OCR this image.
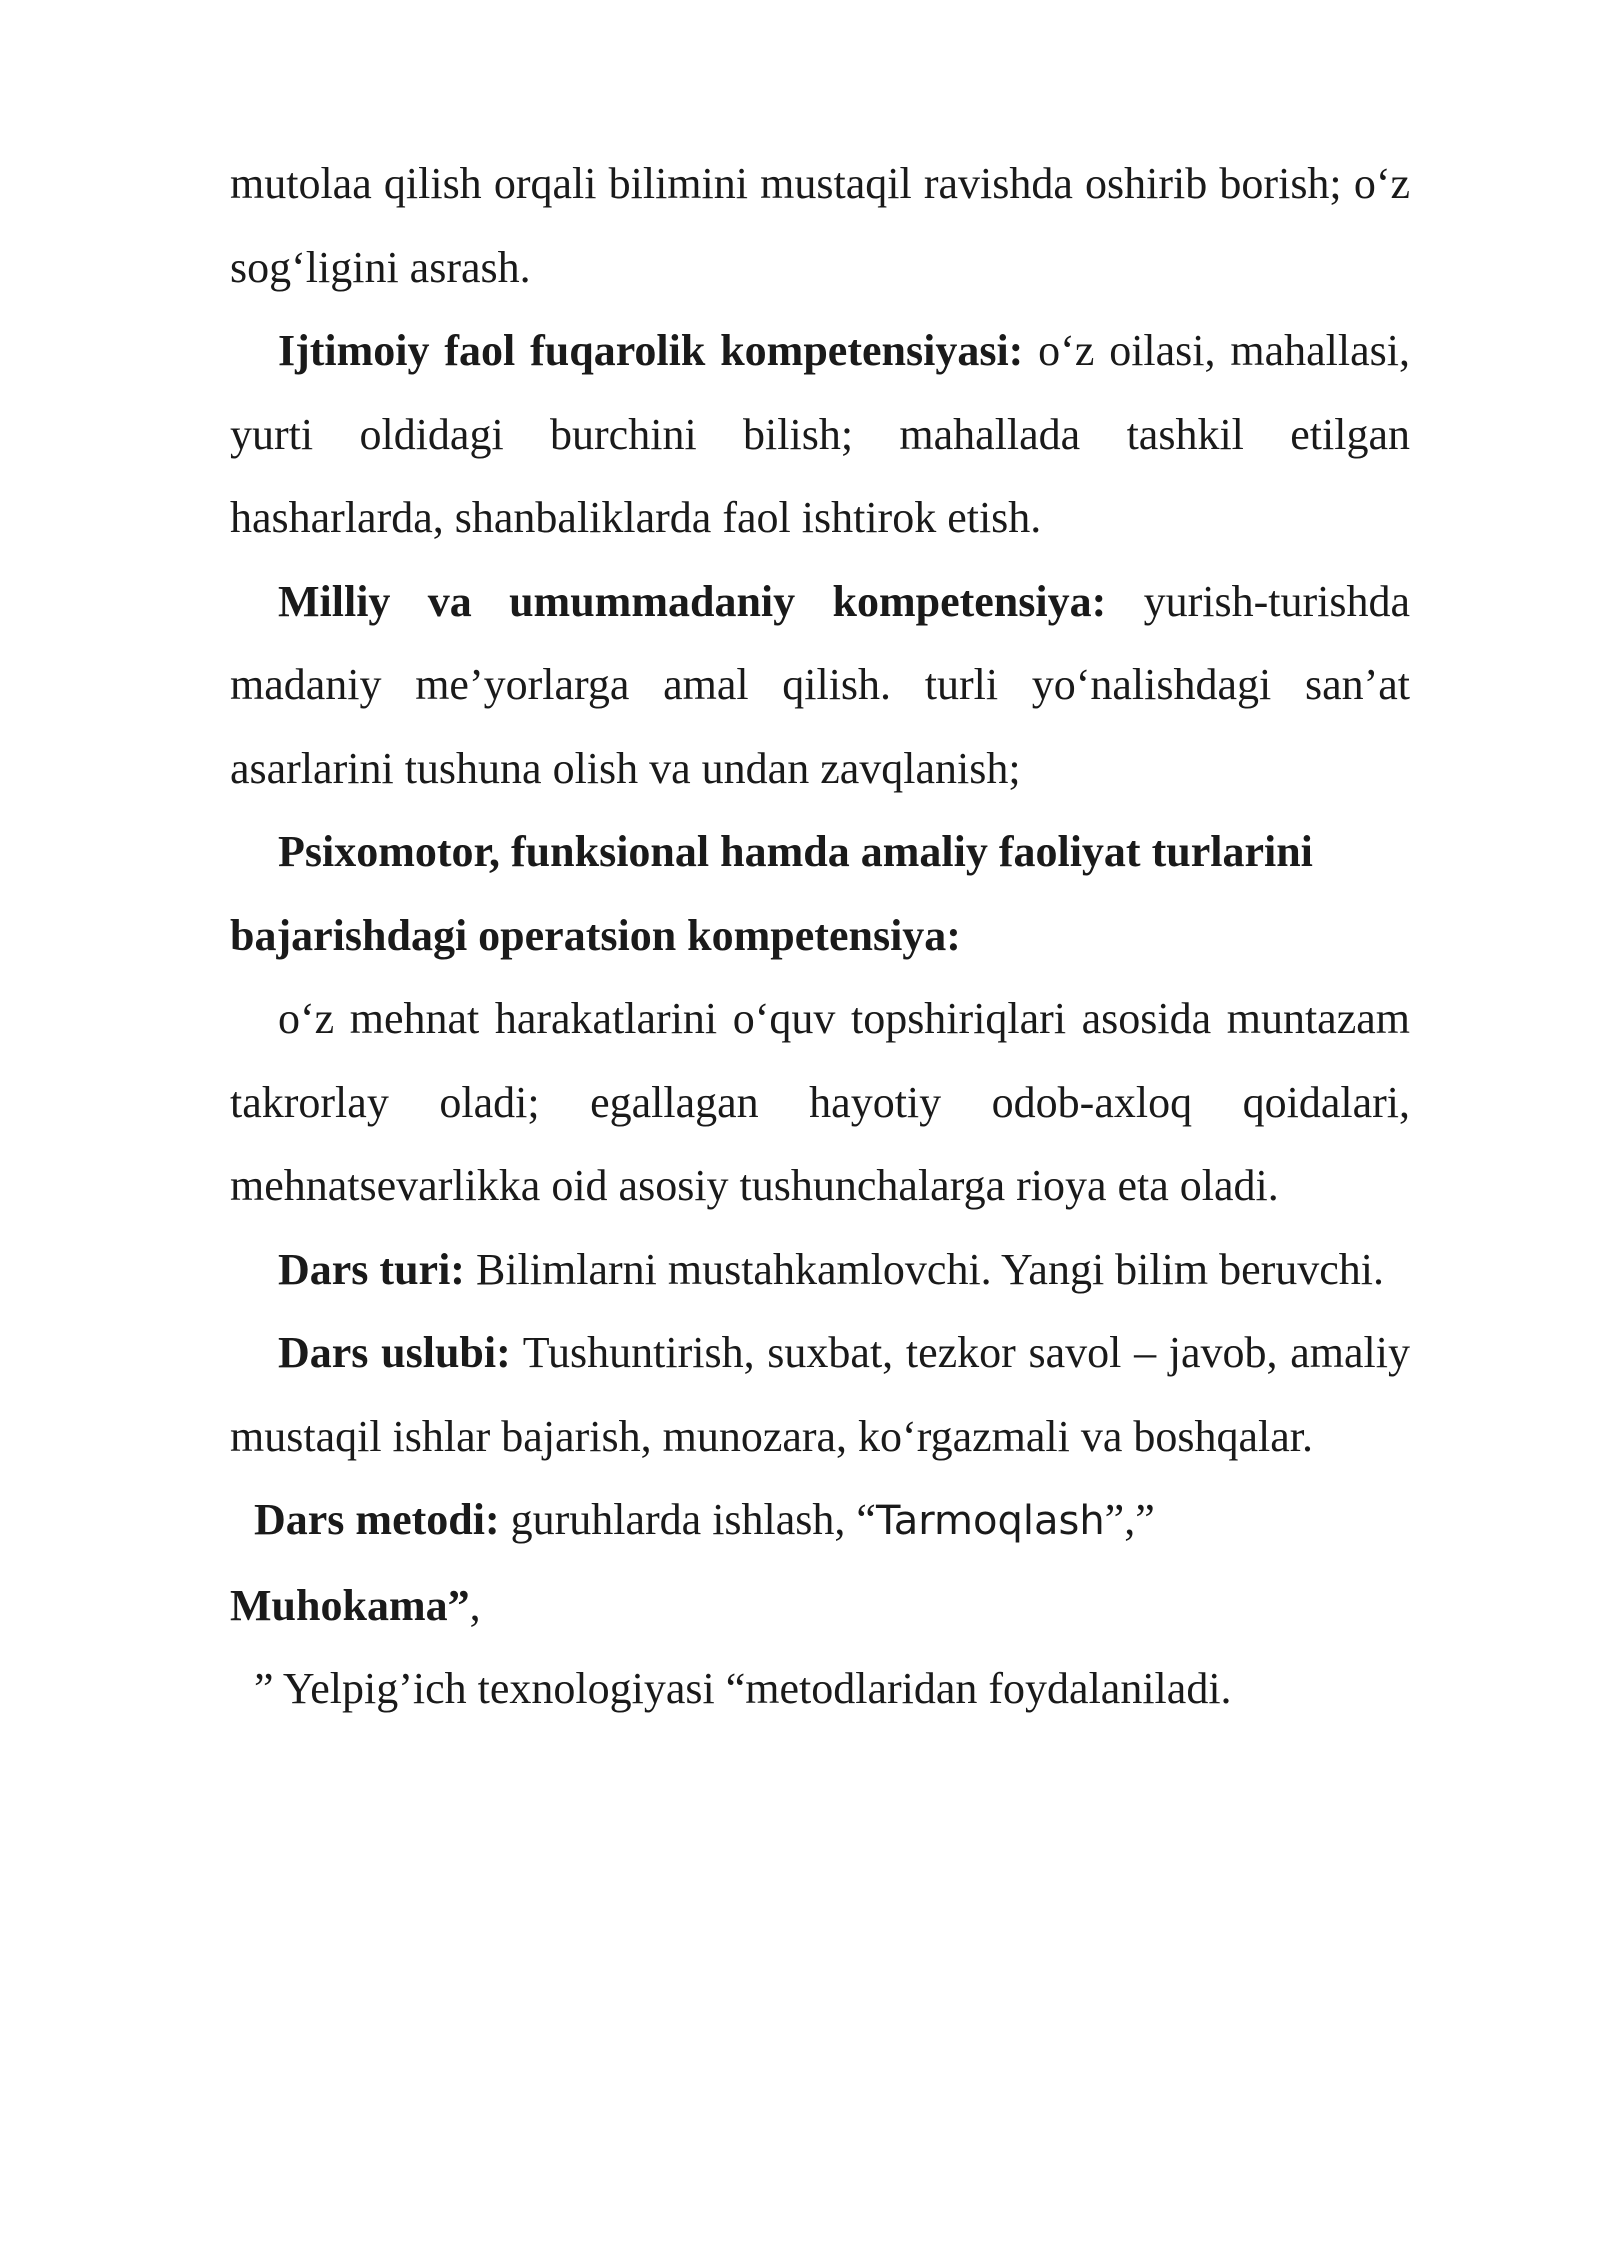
mutolaa qilish orqali bilimini mustaqil ravishda oshirib borish; o‘z sog‘ligini asrash.

Ijtimoiy faol fuqarolik kompetensiyasi: o‘z oilasi, mahallasi, yurti oldidagi burchini bilish; mahallada tashkil etilgan hasharlarda, shanbaliklarda faol ishtirok etish.

Milliy va umummadaniy kompetensiya: yurish-turishda madaniy me’yorlarga amal qilish. turli yo‘nalishdagi san’at asarlarini tushuna olish va undan zavqlanish;

Psixomotor, funksional hamda amaliy faoliyat turlarini bajarishdagi operatsion kompetensiya:

o‘z mehnat harakatlarini o‘quv topshiriqlari asosida muntazam takrorlay oladi; egallagan hayotiy odob-axloq qoidalari, mehnatsevarlikka oid asosiy tushunchalarga rioya eta oladi.

Dars turi: Bilimlarni mustahkamlovchi. Yangi bilim beruvchi.

Dars uslubi: Tushuntirish, suxbat, tezkor savol – javob, amaliy mustaqil ishlar bajarish, munozara, ko‘rgazmali va boshqalar.

Dars metodi: guruhlarda ishlash, “Tarmoqlash”,”

Muhokama”,

” Yelpig’ich texnologiyasi “metodlaridan foydalaniladi.
